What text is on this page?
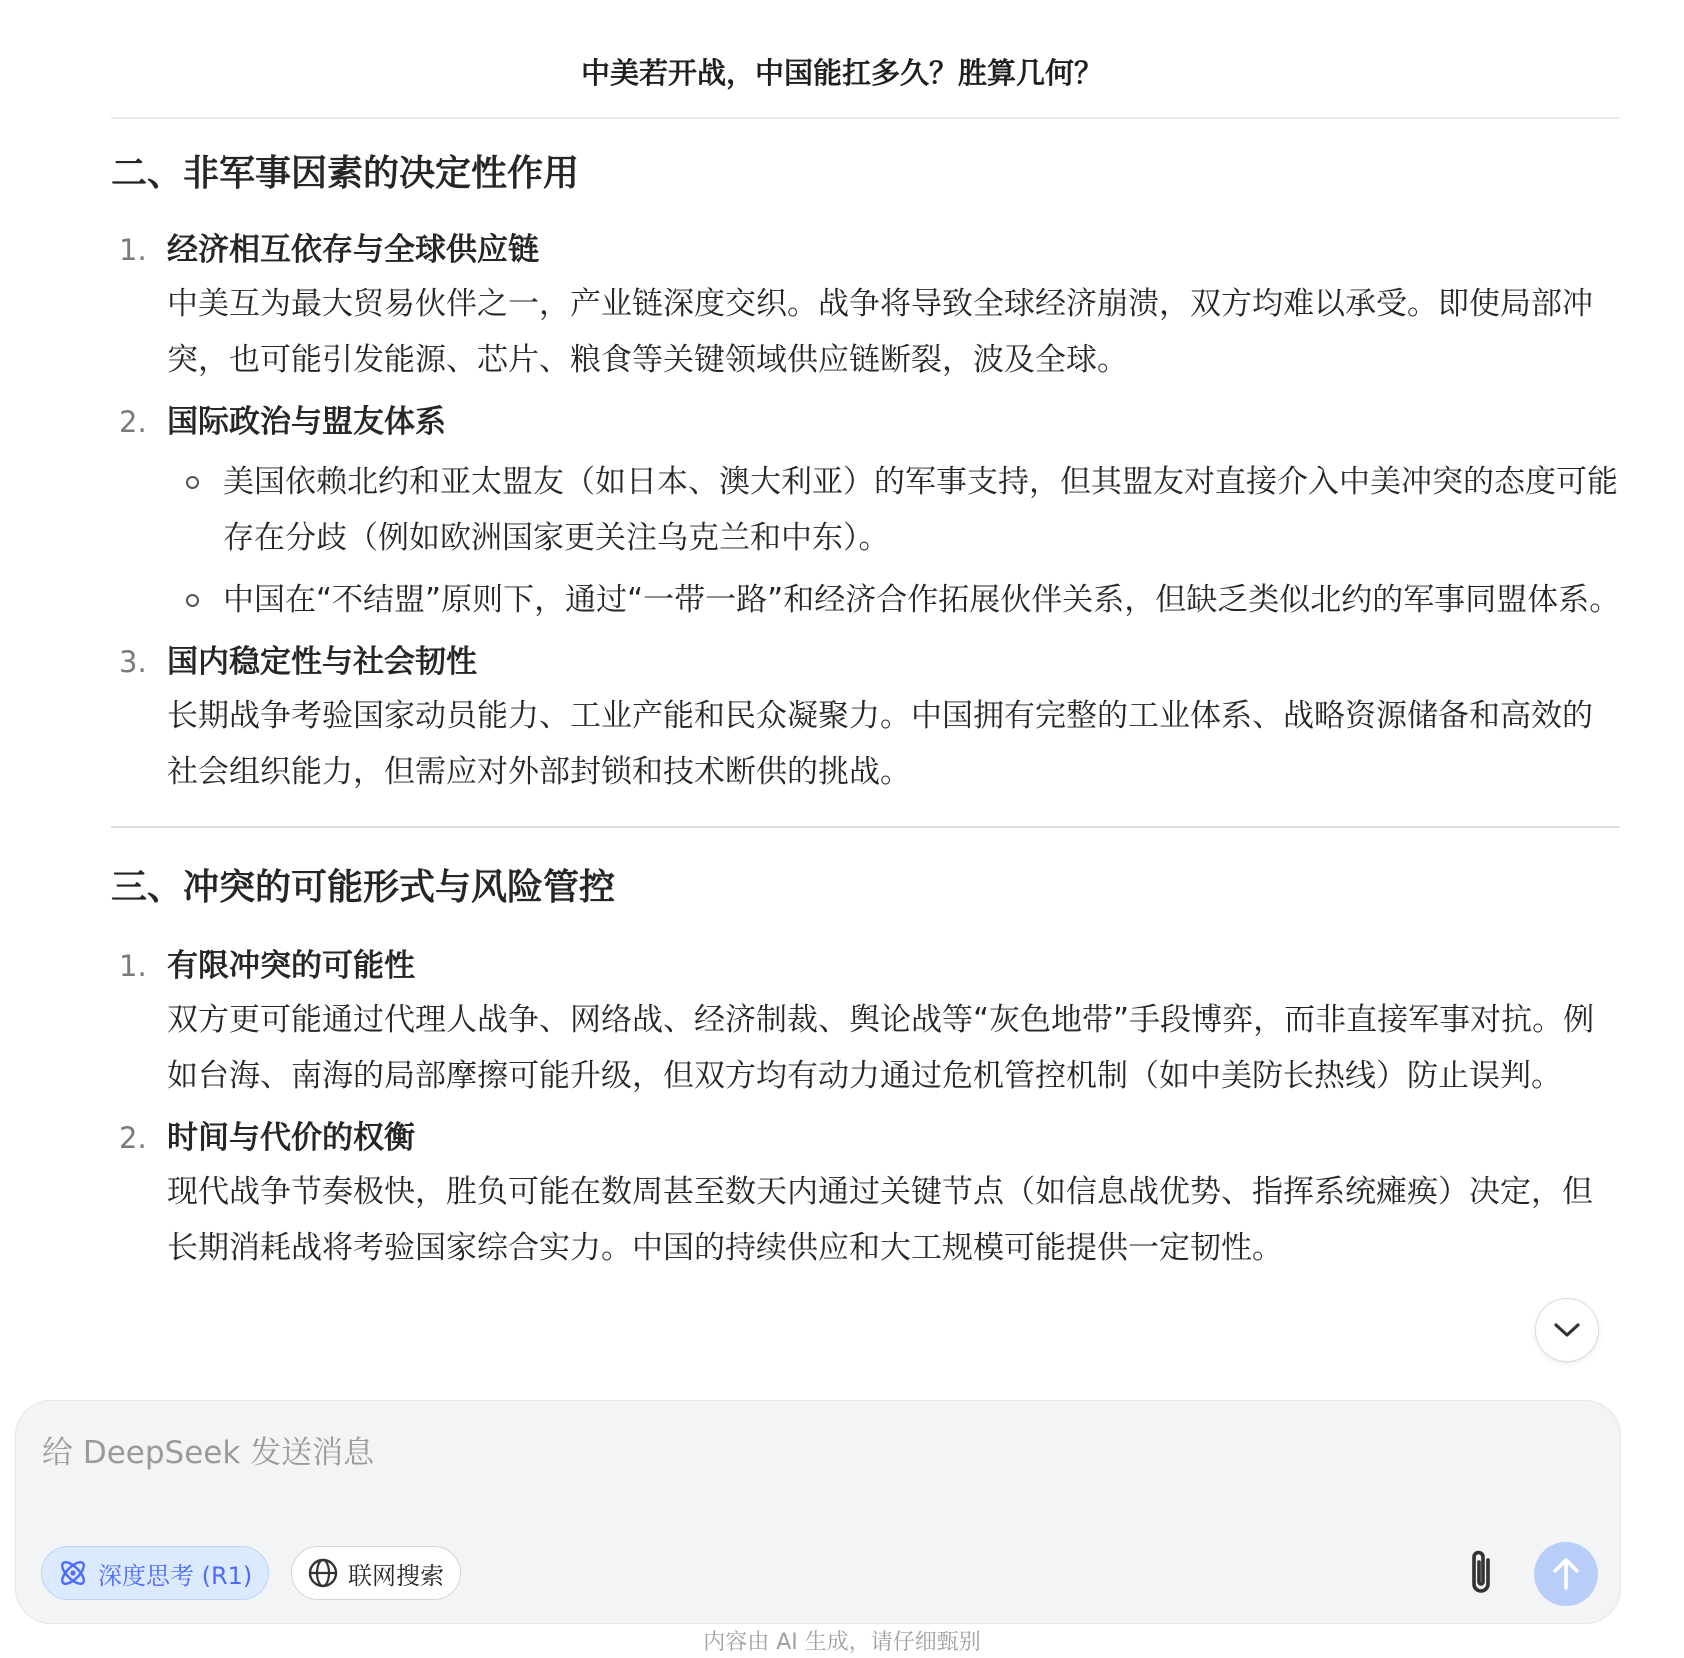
中美若开战，中国能扛多久？胜算几何？
二、非军事因素的决定性作用
1. 经济相互依存与全球供应链
中美互为最大贸易伙伴之一，产业链深度交织。战争将导致全球经济崩溃，双方均难以承受。即使局部冲突，也可能引发能源、芯片、粮食等关键领域供应链断裂，波及全球。
2. 国际政治与盟友体系
美国依赖北约和亚太盟友（如日本、澳大利亚）的军事支持，但其盟友对直接介入中美冲突的态度可能存在分歧（例如欧洲国家更关注乌克兰和中东）。
中国在“不结盟”原则下，通过“一带一路”和经济合作拓展伙伴关系，但缺乏类似北约的军事同盟体系。
3. 国内稳定性与社会韧性
长期战争考验国家动员能力、工业产能和民众凝聚力。中国拥有完整的工业体系、战略资源储备和高效的社会组织能力，但需应对外部封锁和技术断供的挑战。
三、冲突的可能形式与风险管控
1. 有限冲突的可能性
双方更可能通过代理人战争、网络战、经济制裁、舆论战等“灰色地带”手段博弈，而非直接军事对抗。例如台海、南海的局部摩擦可能升级，但双方均有动力通过危机管控机制（如中美防长热线）防止误判。
2. 时间与代价的权衡
现代战争节奏极快，胜负可能在数周甚至数天内通过关键节点（如信息战优势、指挥系统瘫痪）决定，但长期消耗战将考验国家综合实力。中国的持续供应和大工规模可能提供一定韧性。
给 DeepSeek 发送消息
深度思考 (R1)	联网搜索
内容由 AI 生成，请仔细甄别
